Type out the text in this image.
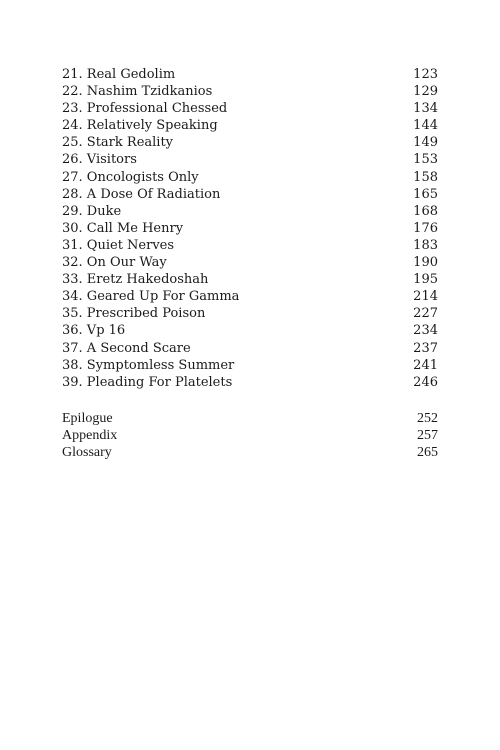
21. Real Gedolim	123
22. Nashim Tzidkanios	129
23. Professional Chessed	134
24. Relatively Speaking	144
25. Stark Reality	149
26. Visitors	153
27. Oncologists Only	158
28. A Dose Of Radiation	165
29. Duke	168
30. Call Me Henry	176
31. Quiet Nerves	183
32. On Our Way	190
33. Eretz Hakedoshah	195
34. Geared Up For Gamma	214
35. Prescribed Poison	227
36. Vp 16	234
37. A Second Scare	237
38. Symptomless Summer	241
39. Pleading For Platelets	246
Epilogue	252
Appendix	257
Glossary	265
